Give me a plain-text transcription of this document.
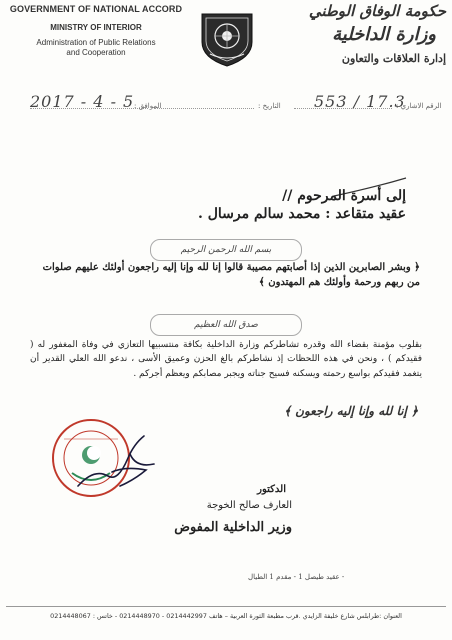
GOVERNMENT OF NATIONAL ACCORD
MINISTRY OF INTERIOR
Administration of Public Relations
and Cooperation
حكومة الوفاق الوطني
وزارة الداخلية
إدارة العلاقات والتعاون
2017 - 4 - 5 الموافق :	التاريخ : 553 / 17.3
الرقم الاشاري :
إلى أسرة المرحوم //
عقيد متقاعد : محمد سالم مرسال .
بسم الله الرحمن الرحيم
﴿ وبشر الصابرين الذين إذا أصابتهم مصيبة قالوا إنا لله وإنا إليه راجعون أولئك عليهم صلوات من ربهم ورحمة وأولئك هم المهتدون ﴾
صدق الله العظيم
بقلوب مؤمنة بقضاء الله وقدره تشاطركم وزارة الداخلية بكافة منتسبيها التعازي في وفاة المغفور له ( فقيدكم ) ، ونحن في هذه اللحظات إذ نشاطركم بالغ الحزن وعميق الأسى ، ندعو الله العلي القدير أن يتغمد فقيدكم بواسع رحمته ويسكنه فسيح جناته ويجبر مصابكم ويعظم أجركم .
﴿ إنا لله وإنا إليه راجعون ﴾
الدكتور
العارف صالح الخوجة
وزير الداخلية المفوض
- عقيد طيصل 1 - مقدم 1 الطيال
العنوان :طرابلس شارع خليفة الزايدي .قرب مطبعة الثورة العربية – هاتف 0214442997 - 0214448970 - خاتس : 0214448067
